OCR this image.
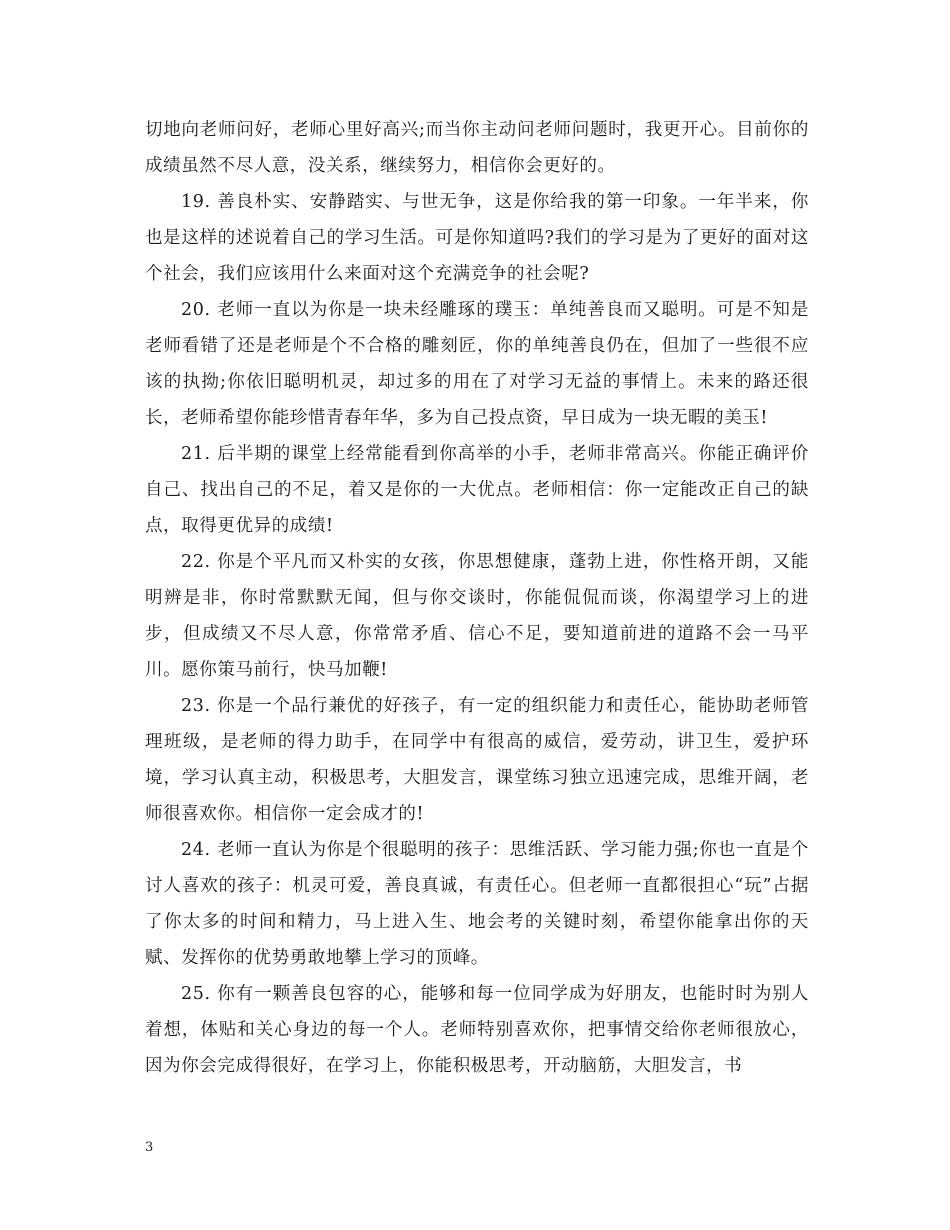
切地向老师问好，老师心里好高兴;而当你主动问老师问题时，我更开心。目前你的成绩虽然不尽人意，没关系，继续努力，相信你会更好的。

19. 善良朴实、安静踏实、与世无争，这是你给我的第一印象。一年半来，你也是这样的述说着自己的学习生活。可是你知道吗?我们的学习是为了更好的面对这个社会，我们应该用什么来面对这个充满竞争的社会呢?

20. 老师一直以为你是一块未经雕琢的璞玉：单纯善良而又聪明。可是不知是老师看错了还是老师是个不合格的雕刻匠，你的单纯善良仍在，但加了一些很不应该的执拗;你依旧聪明机灵，却过多的用在了对学习无益的事情上。未来的路还很长，老师希望你能珍惜青春年华，多为自己投点资，早日成为一块无暇的美玉!

21. 后半期的课堂上经常能看到你高举的小手，老师非常高兴。你能正确评价自己、找出自己的不足，着又是你的一大优点。老师相信：你一定能改正自己的缺点，取得更优异的成绩!

22. 你是个平凡而又朴实的女孩，你思想健康，蓬勃上进，你性格开朗，又能明辨是非，你时常默默无闻，但与你交谈时，你能侃侃而谈，你渴望学习上的进步，但成绩又不尽人意，你常常矛盾、信心不足，要知道前进的道路不会一马平川。愿你策马前行，快马加鞭!

23. 你是一个品行兼优的好孩子，有一定的组织能力和责任心，能协助老师管理班级，是老师的得力助手，在同学中有很高的威信，爱劳动，讲卫生，爱护环境，学习认真主动，积极思考，大胆发言，课堂练习独立迅速完成，思维开阔，老师很喜欢你。相信你一定会成才的!

24. 老师一直认为你是个很聪明的孩子：思维活跃、学习能力强;你也一直是个讨人喜欢的孩子：机灵可爱，善良真诚，有责任心。但老师一直都很担心“玩”占据了你太多的时间和精力，马上进入生、地会考的关键时刻，希望你能拿出你的天赋、发挥你的优势勇敢地攀上学习的顶峰。

25. 你有一颗善良包容的心，能够和每一位同学成为好朋友，也能时时为别人着想，体贴和关心身边的每一个人。老师特别喜欢你，把事情交给你老师很放心，因为你会完成得很好，在学习上，你能积极思考，开动脑筋，大胆发言，书

3
